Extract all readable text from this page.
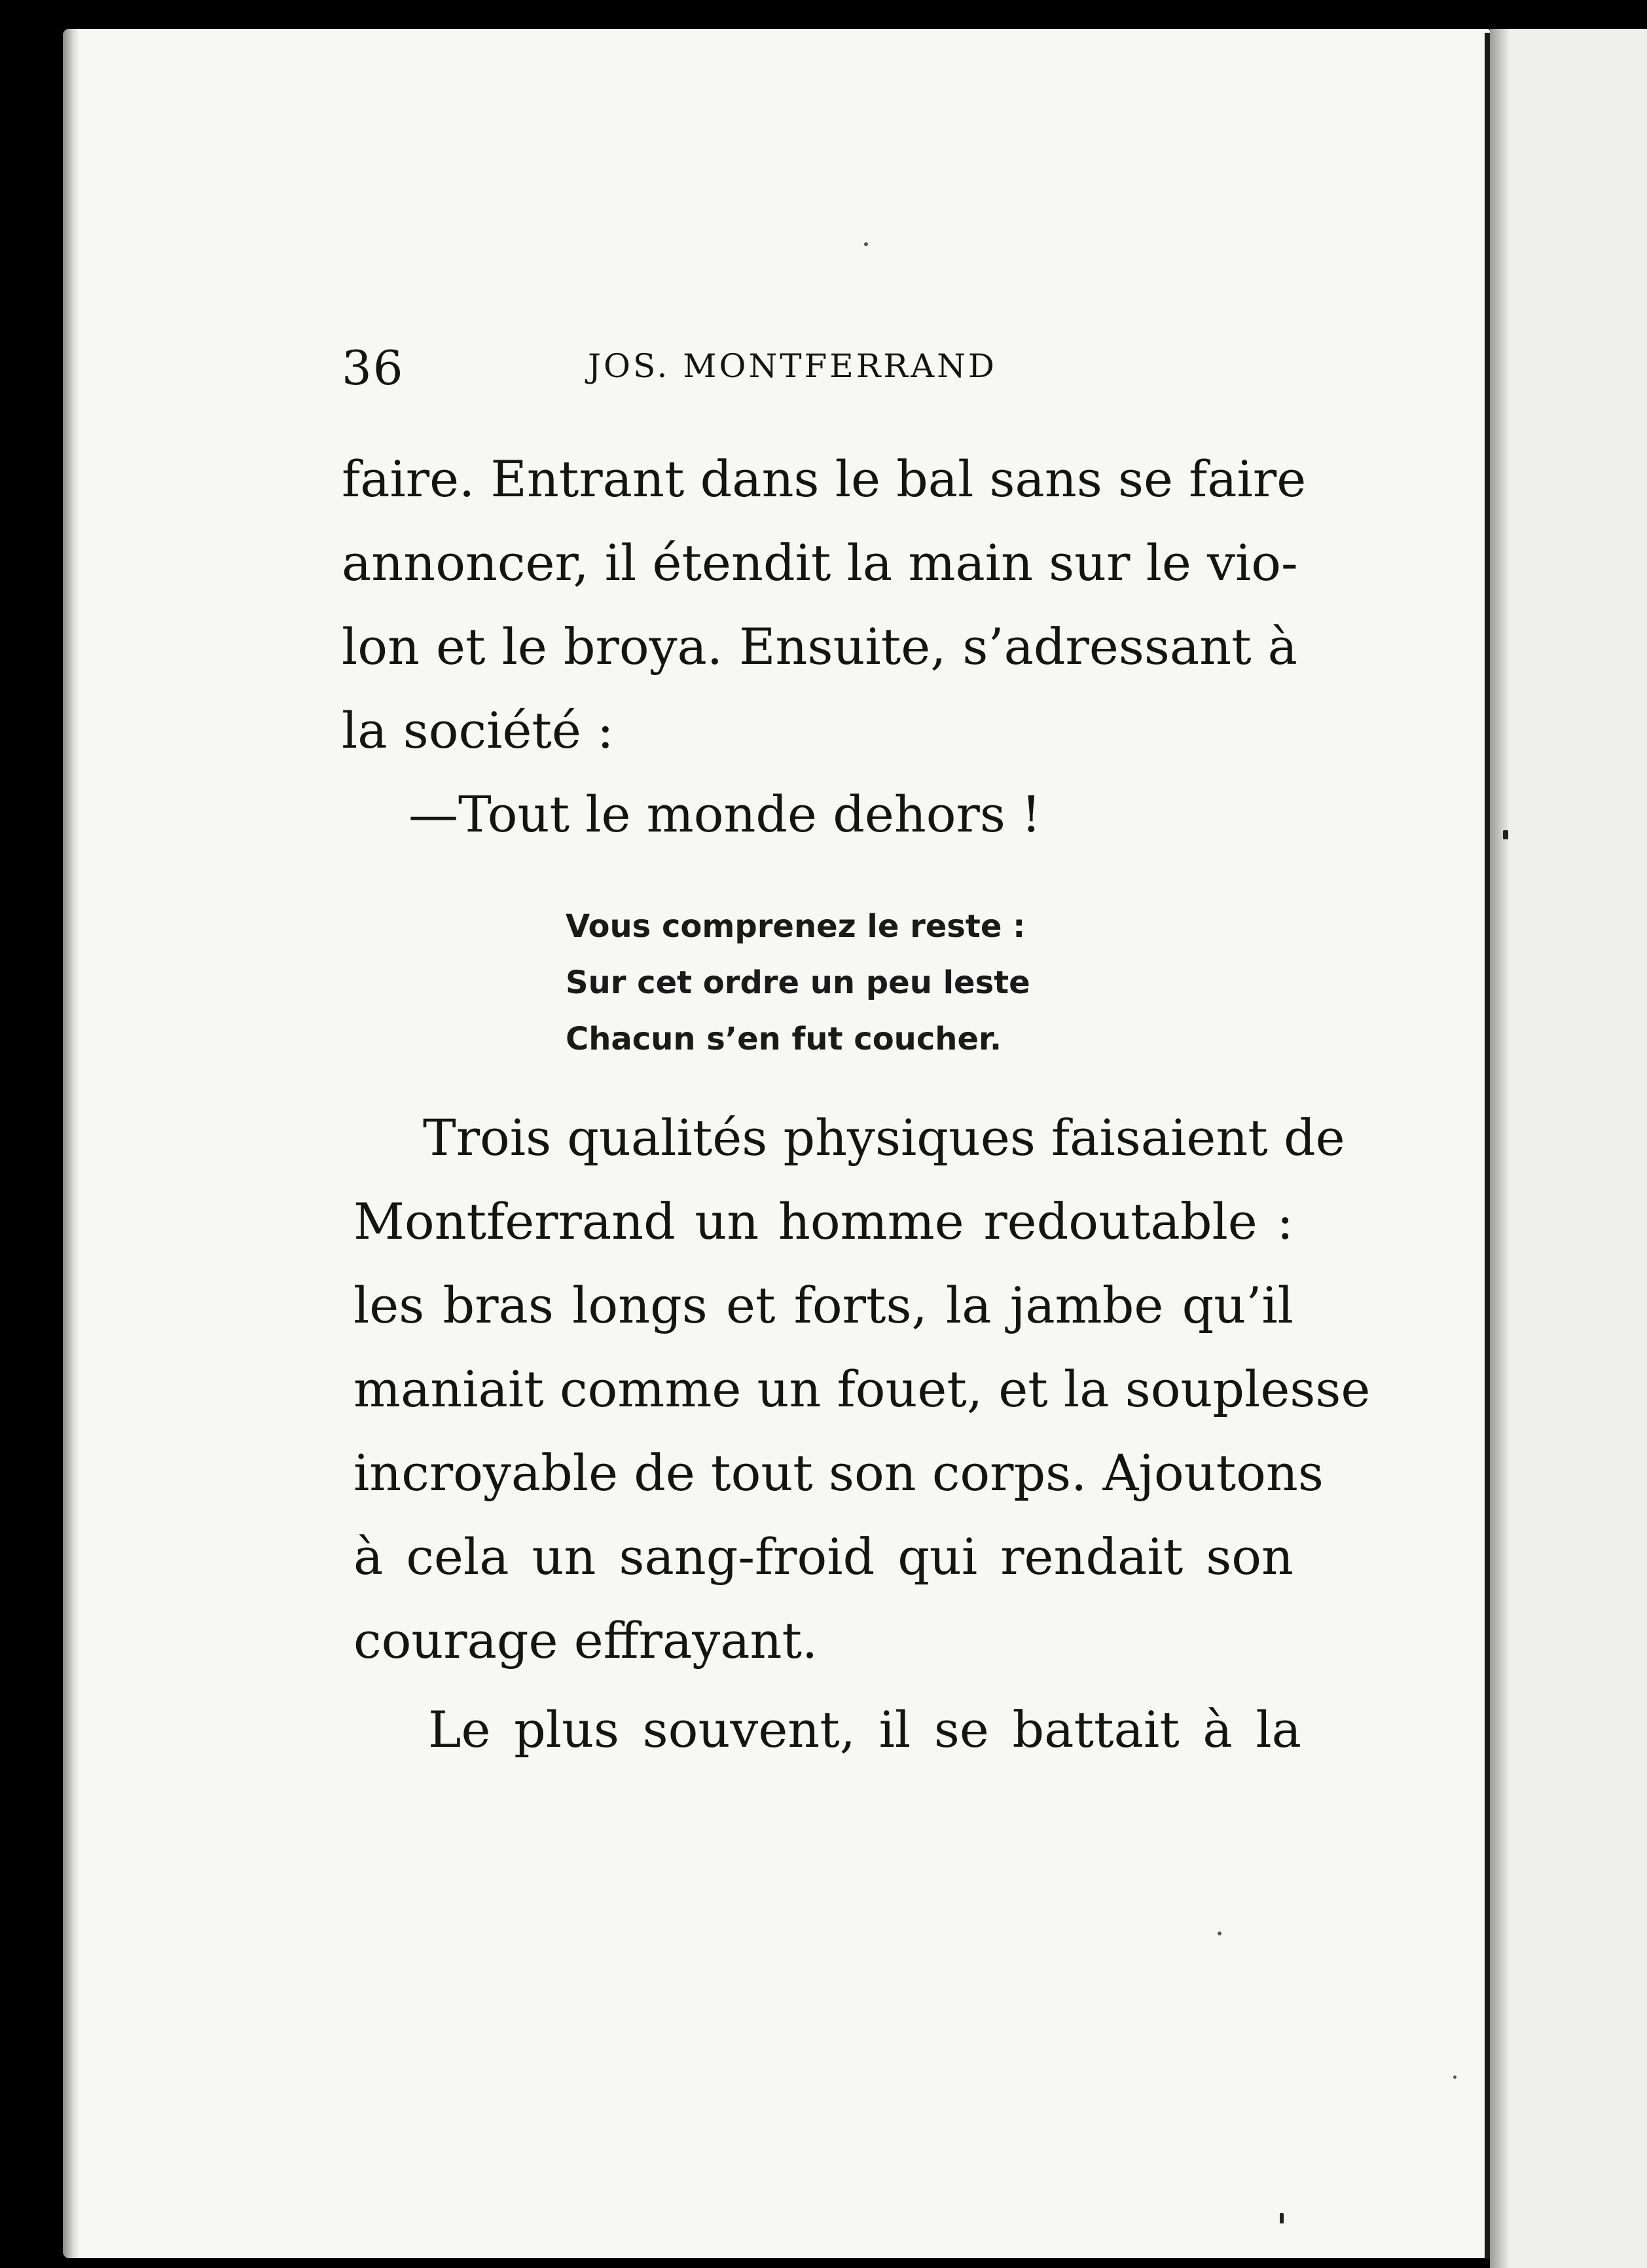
36	JOS. MONTFERRAND
faire. Entrant dans le bal sans se faire
annoncer, il étendit la main sur le vio-
lon et le broya. Ensuite, s’adressant à
la société :
—Tout le monde dehors !
Vous comprenez le reste :
Sur cet ordre un peu leste
Chacun s’en fut coucher.
Trois qualités physiques faisaient de
Montferrand un homme redoutable :
les bras longs et forts, la jambe qu’il
maniait comme un fouet, et la souplesse
incroyable de tout son corps. Ajoutons
à cela un sang-froid qui rendait son
courage effrayant.
Le plus souvent, il se battait à la
